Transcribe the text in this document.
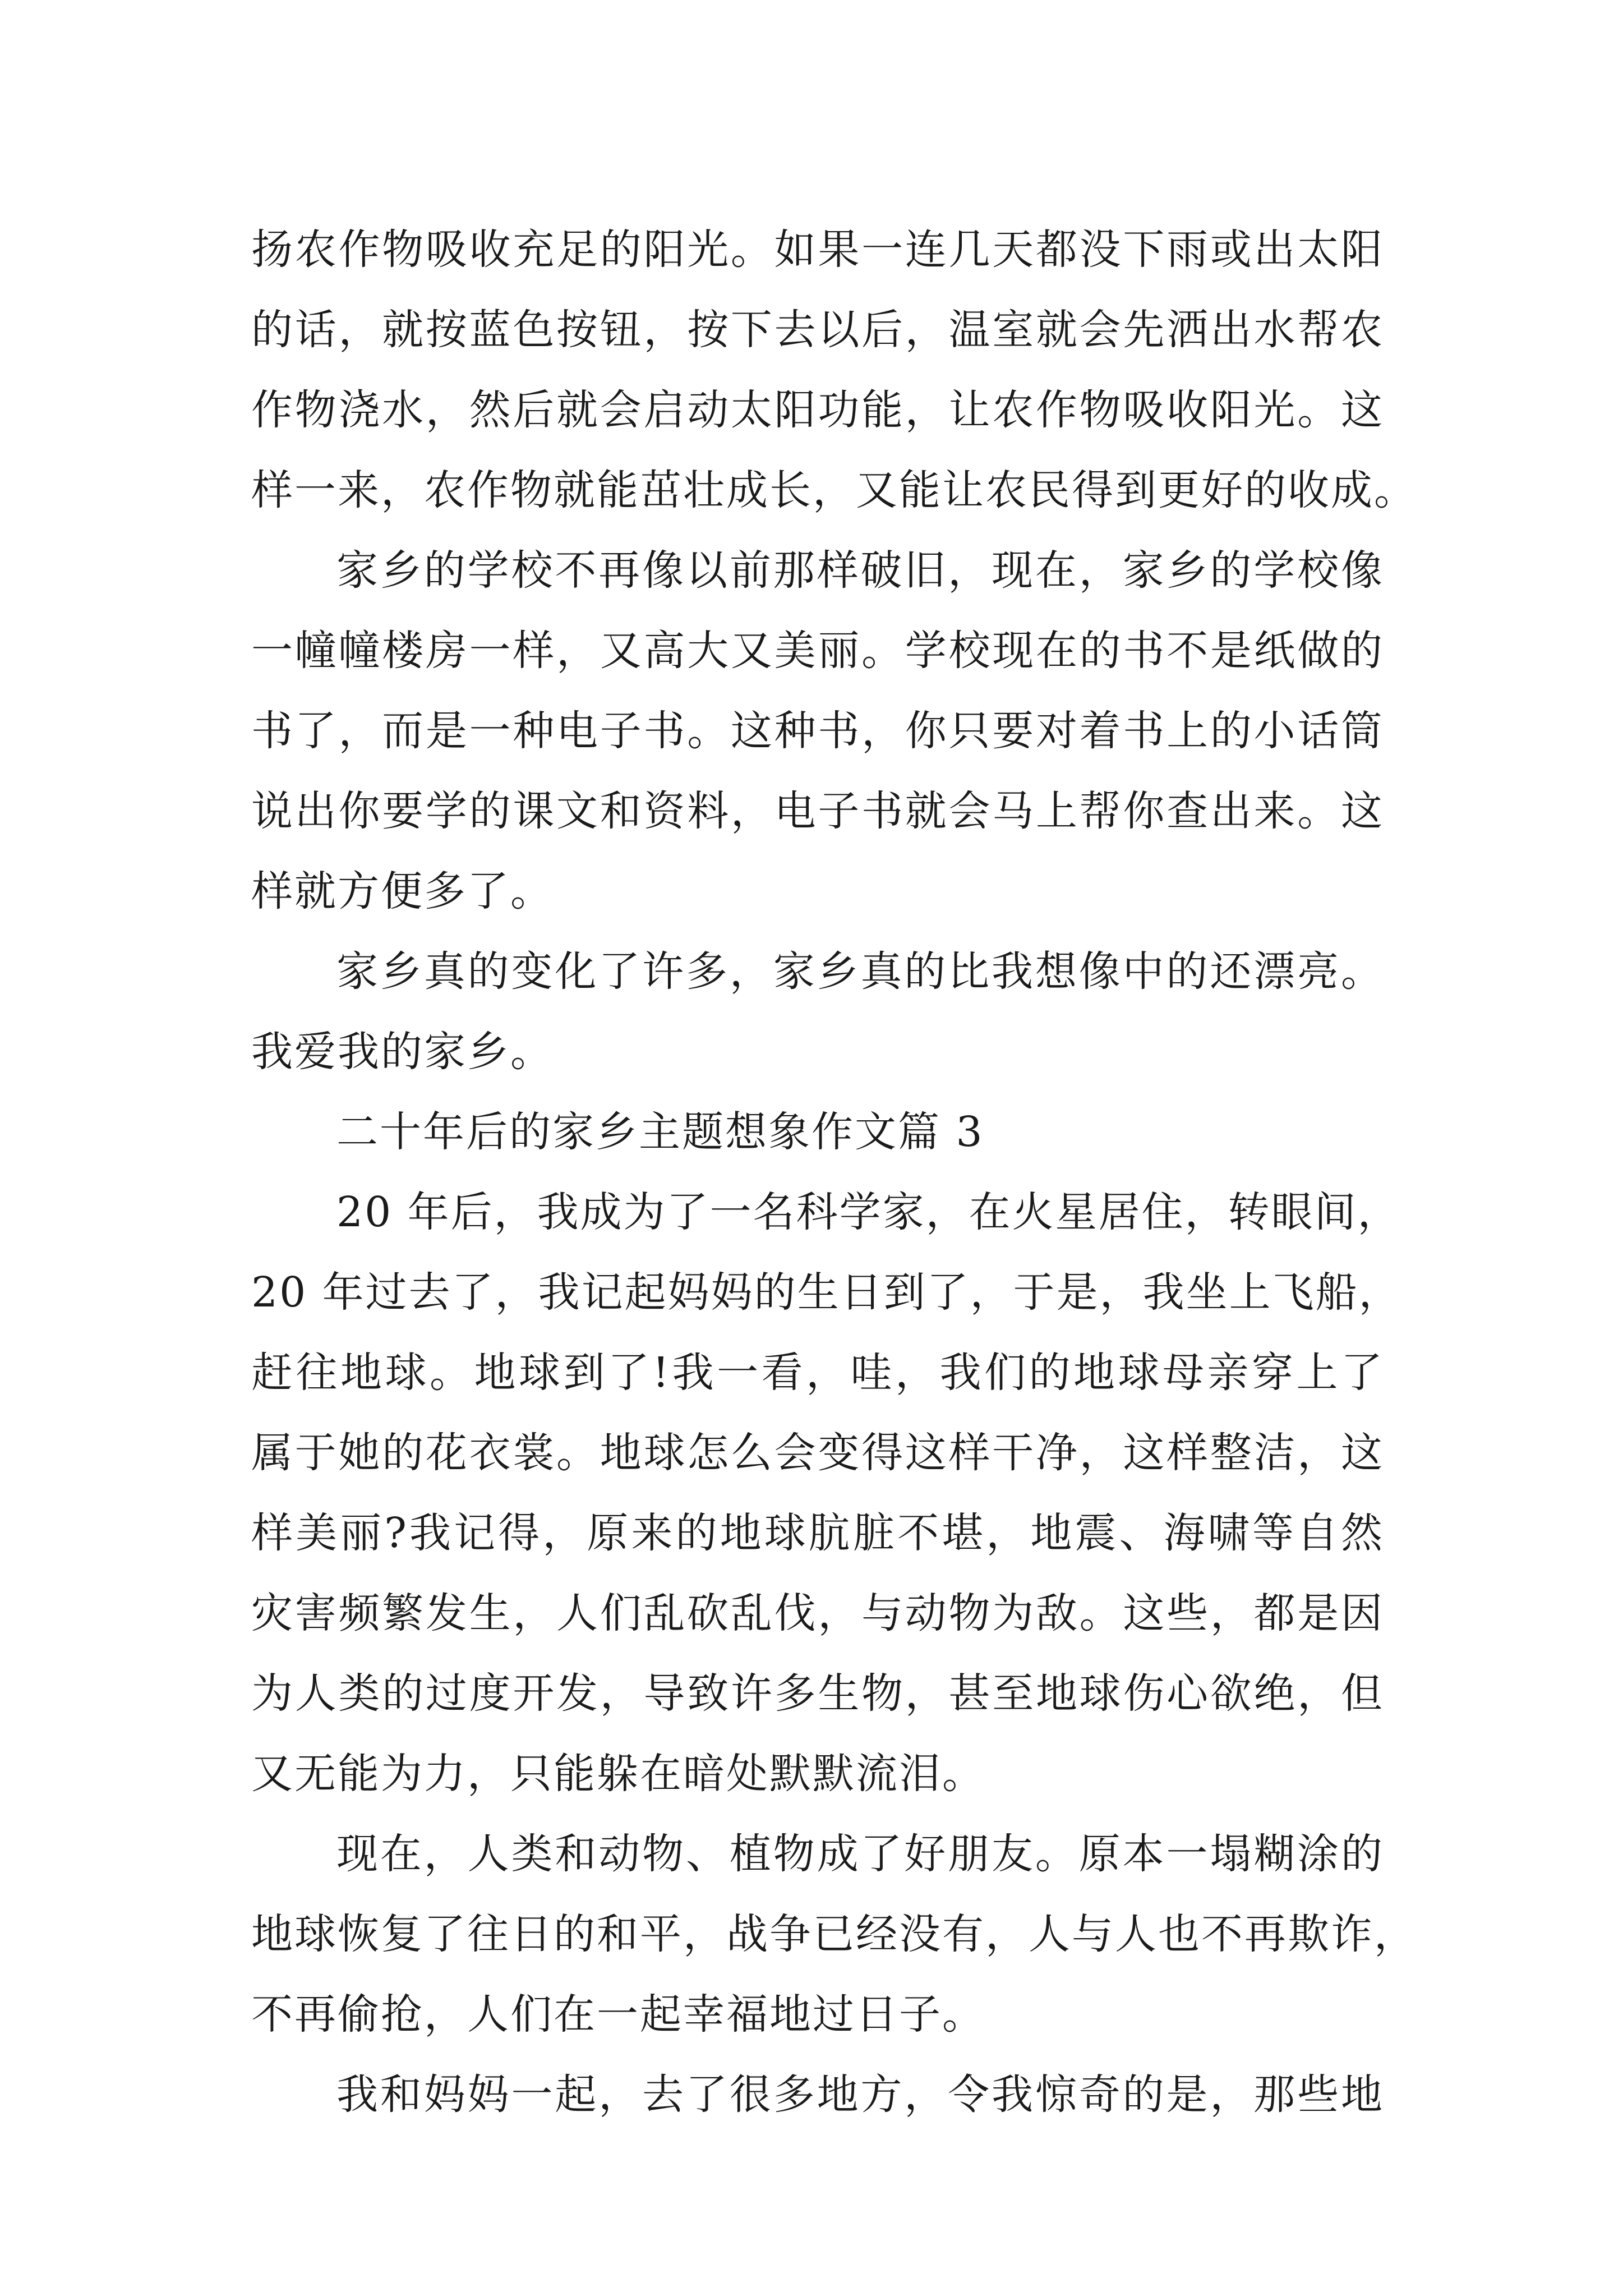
扬农作物吸收充足的阳光。如果一连几天都没下雨或出太阳
的话，就按蓝色按钮，按下去以后，温室就会先洒出水帮农
作物浇水，然后就会启动太阳功能，让农作物吸收阳光。这
样一来，农作物就能茁壮成长，又能让农民得到更好的收成。
家乡的学校不再像以前那样破旧，现在，家乡的学校像
一幢幢楼房一样，又高大又美丽。学校现在的书不是纸做的
书了，而是一种电子书。这种书，你只要对着书上的小话筒
说出你要学的课文和资料，电子书就会马上帮你查出来。这
样就方便多了。
家乡真的变化了许多，家乡真的比我想像中的还漂亮。
我爱我的家乡。
二十年后的家乡主题想象作文篇 3
20 年后，我成为了一名科学家，在火星居住，转眼间，
20 年过去了，我记起妈妈的生日到了，于是，我坐上飞船，
赶往地球。地球到了!我一看，哇，我们的地球母亲穿上了
属于她的花衣裳。地球怎么会变得这样干净，这样整洁，这
样美丽?我记得，原来的地球肮脏不堪，地震、海啸等自然
灾害频繁发生，人们乱砍乱伐，与动物为敌。这些，都是因
为人类的过度开发，导致许多生物，甚至地球伤心欲绝，但
又无能为力，只能躲在暗处默默流泪。
现在，人类和动物、植物成了好朋友。原本一塌糊涂的
地球恢复了往日的和平，战争已经没有，人与人也不再欺诈，
不再偷抢，人们在一起幸福地过日子。
我和妈妈一起，去了很多地方，令我惊奇的是，那些地
